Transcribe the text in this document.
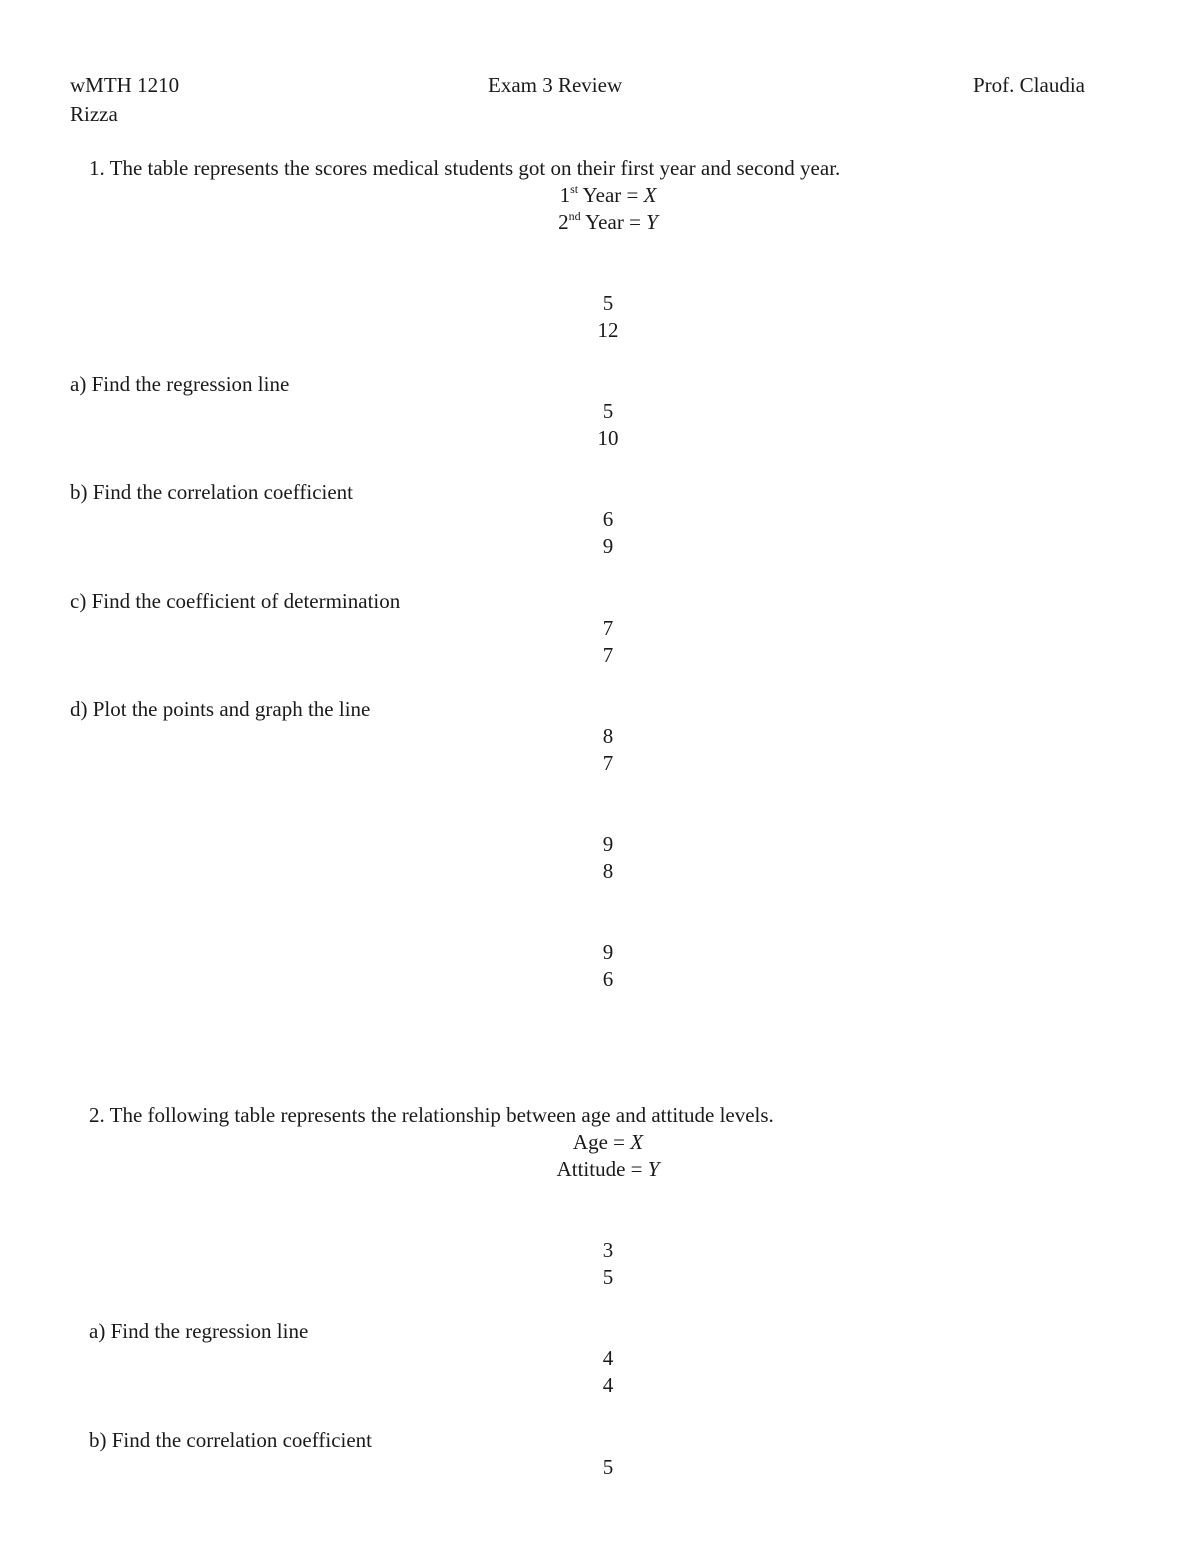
wMTH 1210	Exam 3 Review	Prof. Claudia
Rizza
1. The table represents the scores medical students got on their first year and second year.
1st Year = X
2nd Year = Y
5
12
a) Find the regression line
5
10
b) Find the correlation coefficient
6
9
c) Find the coefficient of determination
7
7
d) Plot the points and graph the line
8
7
9
8
9
6
2. The following table represents the relationship between age and attitude levels.
Age = X
Attitude = Y
3
5
a) Find the regression line
4
4
b) Find the correlation coefficient
5
